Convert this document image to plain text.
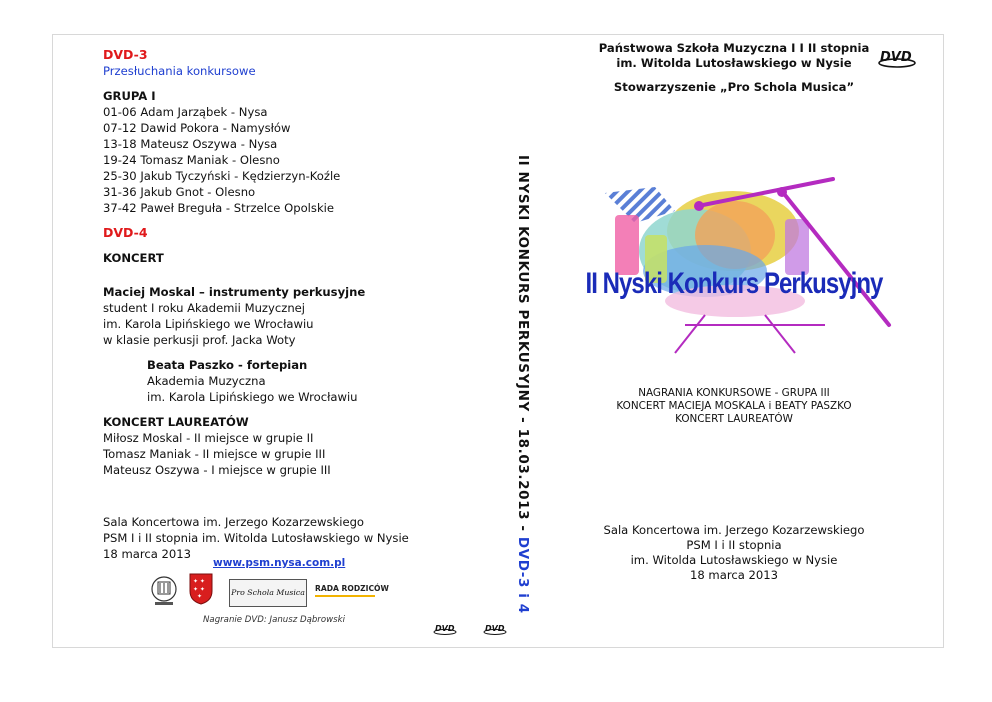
DVD-3
Przesłuchania konkursowe
GRUPA I
01-06 Adam Jarząbek - Nysa
07-12 Dawid Pokora - Namysłów
13-18 Mateusz Oszywa - Nysa
19-24 Tomasz Maniak - Olesno
25-30 Jakub Tyczyński - Kędzierzyn-Koźle
31-36 Jakub Gnot - Olesno
37-42 Paweł Breguła - Strzelce Opolskie
DVD-4
KONCERT
Maciej Moskal – instrumenty perkusyjne
student I roku Akademii Muzycznej
im. Karola Lipińskiego we Wrocławiu
w klasie perkusji prof. Jacka Woty
Beata Paszko - fortepian
Akademia Muzyczna
im. Karola Lipińskiego we Wrocławiu
KONCERT LAUREATÓW
Miłosz Moskal - II miejsce w grupie II
Tomasz Maniak - II miejsce w grupie III
Mateusz Oszywa - I miejsce w grupie III
Sala Koncertowa im. Jerzego Kozarzewskiego
PSM I i II stopnia im. Witolda Lutosławskiego w Nysie
18 marca 2013
www.psm.nysa.com.pl
✦ ✦
✦ ✦
✦	Pro Schola Musica RADA RODZICÓW
Nagranie DVD: Janusz Dąbrowski
II NYSKI KONKURS PERKUSYJNY - 18.03.2013 - DVD-3 i 4
DVD	DVD
Państwowa Szkoła Muzyczna I I II stopnia
im. Witolda Lutosławskiego w Nysie
Stowarzyszenie „Pro Schola Musica”
DVD
II Nyski Konkurs Perkusyjny
NAGRANIA KONKURSOWE - GRUPA III
KONCERT MACIEJA MOSKALA i BEATY PASZKO
KONCERT LAUREATÓW
Sala Koncertowa im. Jerzego Kozarzewskiego
PSM I i II stopnia
im. Witolda Lutosławskiego w Nysie
18 marca 2013
